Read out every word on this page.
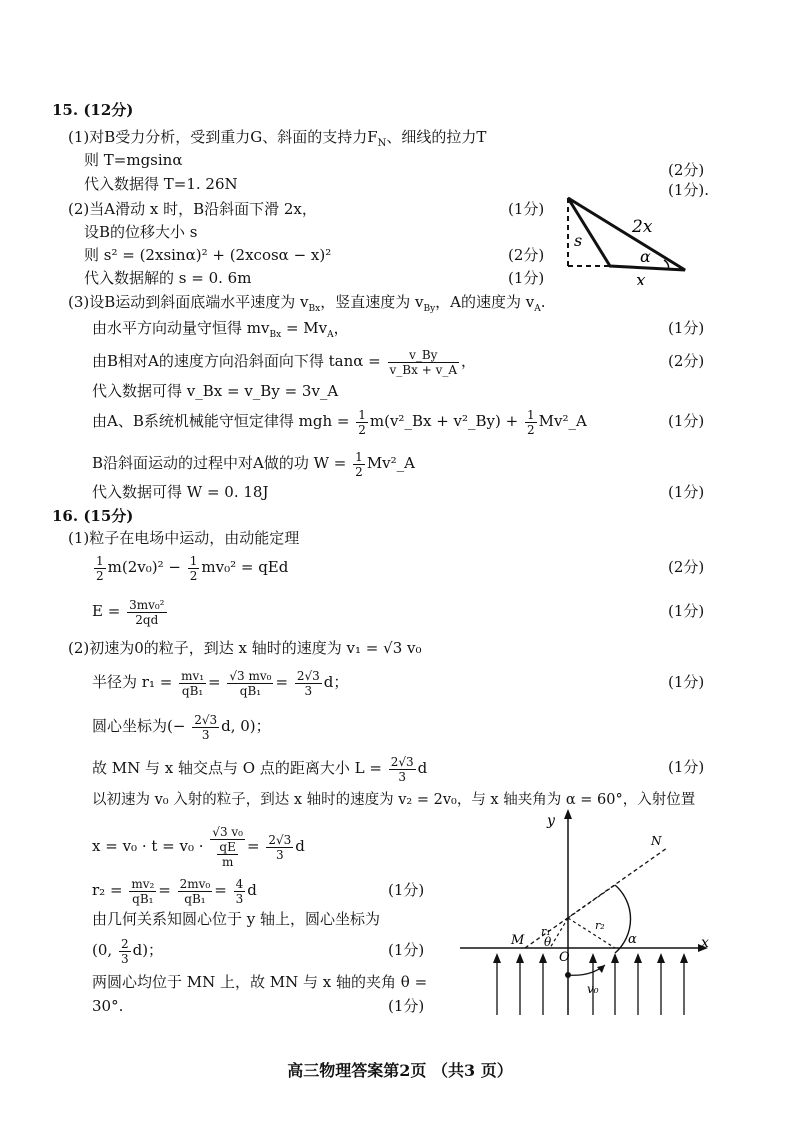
15. (12分)
(1)对B受力分析，受到重力G、斜面的支持力$F_N$、细线的拉力T
则 T=mgsinα
(2分)
代入数据得 T=1. 26N	(1分).
(2)当A滑动 x 时，B沿斜面下滑 2x，	(1分)
设B的位移大小 s
则 s² = (2xsinα)² + (2xcosα − x)²	(2分)
代入数据解的 s = 0. 6m	(1分)
s
2x
α
x
(3)设B运动到斜面底端水平速度为 $v_{Bx}$，竖直速度为 $v_{By}$，A的速度为 $v_A$.
由水平方向动量守恒得 $mv_{Bx} = Mv_A$，	(1分)
由B相对A的速度方向沿斜面向下得 $\tan\alpha = \frac{v\_By}{v\_Bx + v\_A}$ ，	(2分)
代入数据可得 v_Bx = v_By = 3v_A
由A、B系统机械能守恒定律得 mgh = $\frac{1}{2}$ m(v²_Bx + v²_By) + $\frac{1}{2}$ Mv²_A	(1分)
B沿斜面运动的过程中对A做的功 $W = \frac{1}{2}$ Mv²_A
代入数据可得 W = 0. 18J	(1分)
16. (15分)
(1)粒子在电场中运动，由动能定理
$\frac{1}{2} m(2v_0)^2 - \frac{1}{2} mv_0^2$ = qEd	(2分)
$E = \frac{\text{3mv₀²}}{2qd}$	(1分)
(2)初速为0的粒子，到达 x 轴时的速度为 v₁ = √3 v₀
半径为 $r_1 = \frac{\text{mv₁}}{\text{qB₁}} = \frac{\text{√3 mv₀}}{\text{qB₁}} = \frac{2√3}{3}$ d；	(1分)
圆心坐标为(− $\frac{2√3}{3} d$, 0)；
故 MN 与 x 轴交点与 O 点的距离大小 $L = \frac{2√3}{3}$ d	(1分)
以初速为 v₀ 入射的粒子，到达 x 轴时的速度为 v₂ = 2v₀，与 x 轴夹角为 α = 60°，入射位置
$x = v_0 \cdot t = v_0 \cdot \frac{\text{√3 v₀}}{\frac{qE}{m}} = \frac{2√3}{3}$ d
$r_2 = \frac{\text{mv₂}}{\text{qB₁}} = \frac{\text{2mv₀}}{\text{qB₁}} = \frac{4}{3}$ d	(1分)
由几何关系知圆心位于 y 轴上，圆心坐标为
(0, $\frac{2}{3} d$)；	(1分)
两圆心均位于 MN 上，故 MN 与 x 轴的夹角 θ =
30°.	(1分)
y
N
r₁	r₂
M θ
O
α	x
v₀
高三物理答案第2页 （共3 页）
